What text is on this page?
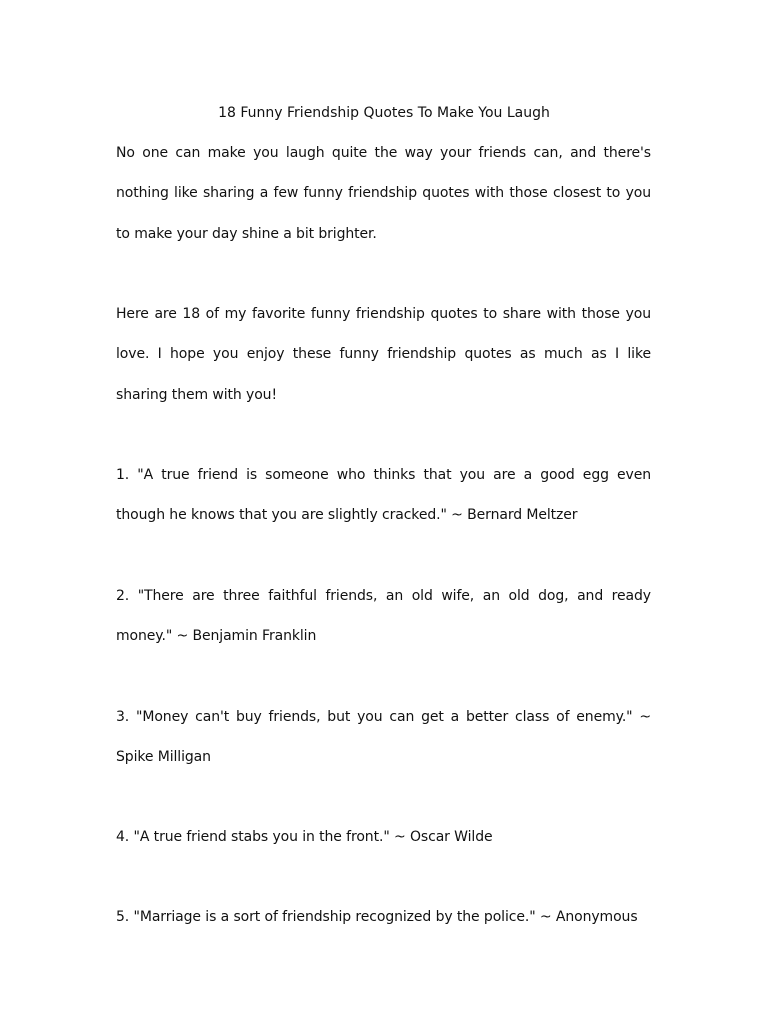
18 Funny Friendship Quotes To Make You Laugh

No one can make you laugh quite the way your friends can, and there's nothing like sharing a few funny friendship quotes with those closest to you to make your day shine a bit brighter.

Here are 18 of my favorite funny friendship quotes to share with those you love. I hope you enjoy these funny friendship quotes as much as I like sharing them with you!

1. "A true friend is someone who thinks that you are a good egg even though he knows that you are slightly cracked." ~ Bernard Meltzer

2. "There are three faithful friends, an old wife, an old dog, and ready money." ~ Benjamin Franklin

3. "Money can't buy friends, but you can get a better class of enemy." ~ Spike Milligan

4. "A true friend stabs you in the front." ~ Oscar Wilde

5. "Marriage is a sort of friendship recognized by the police." ~ Anonymous
